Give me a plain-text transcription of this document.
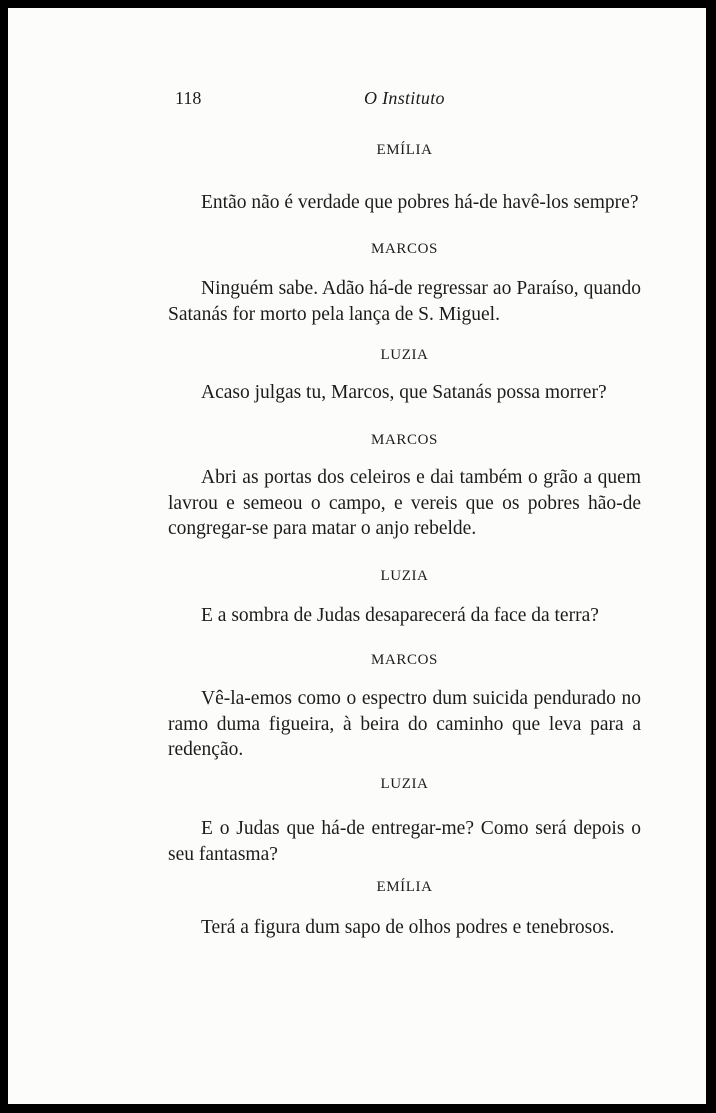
118	O Instituto

EMÍLIA

Então não é verdade que pobres há-de havê-los sempre?

MARCOS

Ninguém sabe. Adão há-de regressar ao Paraíso, quando Satanás for morto pela lança de S. Miguel.

LUZIA

Acaso julgas tu, Marcos, que Satanás possa morrer?

MARCOS

Abri as portas dos celeiros e dai também o grão a quem lavrou e semeou o campo, e vereis que os pobres hão-de congregar-se para matar o anjo rebelde.

LUZIA

E a sombra de Judas desaparecerá da face da terra?

MARCOS

Vê-la-emos como o espectro dum suicida pendurado no ramo duma figueira, à beira do caminho que leva para a redenção.

LUZIA

E o Judas que há-de entregar-me? Como será depois o seu fantasma?

EMÍLIA

Terá a figura dum sapo de olhos podres e tenebrosos.
